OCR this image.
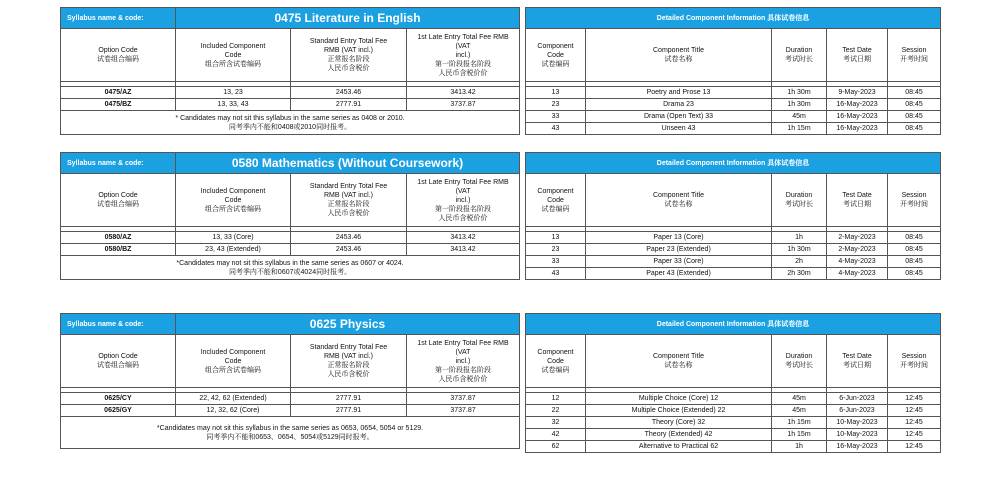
Syllabus name & code:	0475 Literature in English		

Option Code
试卷组合编码	Included Component
Code
组合所含试卷编码	Standard Entry Total Fee
RMB (VAT incl.)
正常报名阶段
人民币含税价	1st Late Entry Total Fee RMB (VAT
incl.)
第一阶段报名阶段
人民币含税价价

0475/AZ	13, 23	2453.46	3413.42
0475/BZ	13, 33, 43	2777.91	3737.87

* Candidates may not sit this syllabus in the same series as 0408 or 2010.
同考季内不能和0408或2010同时报考。			
Detailed Component Information 具体试卷信息				

Component
Code
试卷编码	Component Title
试卷名称	Duration
考试时长	Test Date
考试日期	Session
开考时间

13	Poetry and Prose 13	1h 30m	9-May-2023	08:45
23	Drama 23	1h 30m	16-May-2023	08:45
33	Drama (Open Text) 33	45m	16-May-2023	08:45
43	Unseen 43	1h 15m	16-May-2023	08:45
Syllabus name & code:	0580 Mathematics (Without Coursework)		

Option Code
试卷组合编码	Included Component
Code
组合所含试卷编码	Standard Entry Total Fee
RMB (VAT incl.)
正常报名阶段
人民币含税价	1st Late Entry Total Fee RMB (VAT
incl.)
第一阶段报名阶段
人民币含税价价

0580/AZ	13, 33 (Core)	2453.46	3413.42
0580/BZ	23, 43 (Extended)	2453.46	3413.42

*Candidates may not sit this syllabus in the same series as 0607 or 4024.
同考季内不能和0607或4024同时报考。			
Detailed Component Information 具体试卷信息				

Component
Code
试卷编码	Component Title
试卷名称	Duration
考试时长	Test Date
考试日期	Session
开考时间

13	Paper 13 (Core)	1h	2-May-2023	08:45
23	Paper 23 (Extended)	1h 30m	2-May-2023	08:45
33	Paper 33 (Core)	2h	4-May-2023	08:45
43	Paper 43 (Extended)	2h 30m	4-May-2023	08:45
Syllabus name & code:	0625 Physics		

Option Code
试卷组合编码	Included Component
Code
组合所含试卷编码	Standard Entry Total Fee
RMB (VAT incl.)
正常报名阶段
人民币含税价	1st Late Entry Total Fee RMB (VAT
incl.)
第一阶段报名阶段
人民币含税价价

0625/CY	22, 42, 62 (Extended)	2777.91	3737.87
0625/GY	12, 32, 62 (Core)	2777.91	3737.87

*Candidates may not sit this syllabus in the same series as 0653, 0654, 5054 or 5129.
同考季内不能和0653、0654、5054或5129同时报考。			
Detailed Component Information 具体试卷信息				

Component
Code
试卷编码	Component Title
试卷名称	Duration
考试时长	Test Date
考试日期	Session
开考时间

12	Multiple Choice (Core) 12	45m	6-Jun-2023	12:45
22	Multiple Choice (Extended) 22	45m	6-Jun-2023	12:45
32	Theory (Core) 32	1h 15m	10-May-2023	12:45
42	Theory (Extended) 42	1h 15m	10-May-2023	12:45
62	Alternative to Practical 62	1h	16-May-2023	12:45
